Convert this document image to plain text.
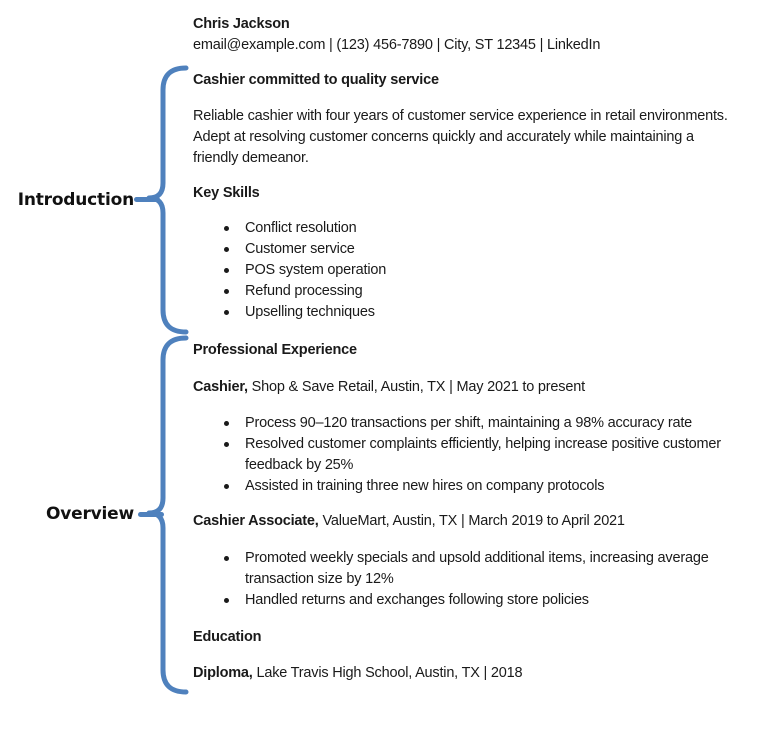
Introduction
Overview
Chris Jackson
email@example.com | (123) 456-7890 | City, ST 12345 | LinkedIn
Cashier committed to quality service

Reliable cashier with four years of customer service experience in retail environments. Adept at resolving customer concerns quickly and accurately while maintaining a friendly demeanor.

Key Skills
Conflict resolution
Customer service
POS system operation
Refund processing
Upselling techniques
Professional Experience
Cashier, Shop & Save Retail, Austin, TX | May 2021 to present
Process 90–120 transactions per shift, maintaining a 98% accuracy rate
Resolved customer complaints efficiently, helping increase positive customer feedback by 25%
Assisted in training three new hires on company protocols
Cashier Associate, ValueMart, Austin, TX | March 2019 to April 2021
Promoted weekly specials and upsold additional items, increasing average transaction size by 12%
Handled returns and exchanges following store policies
Education
Diploma, Lake Travis High School, Austin, TX | 2018
